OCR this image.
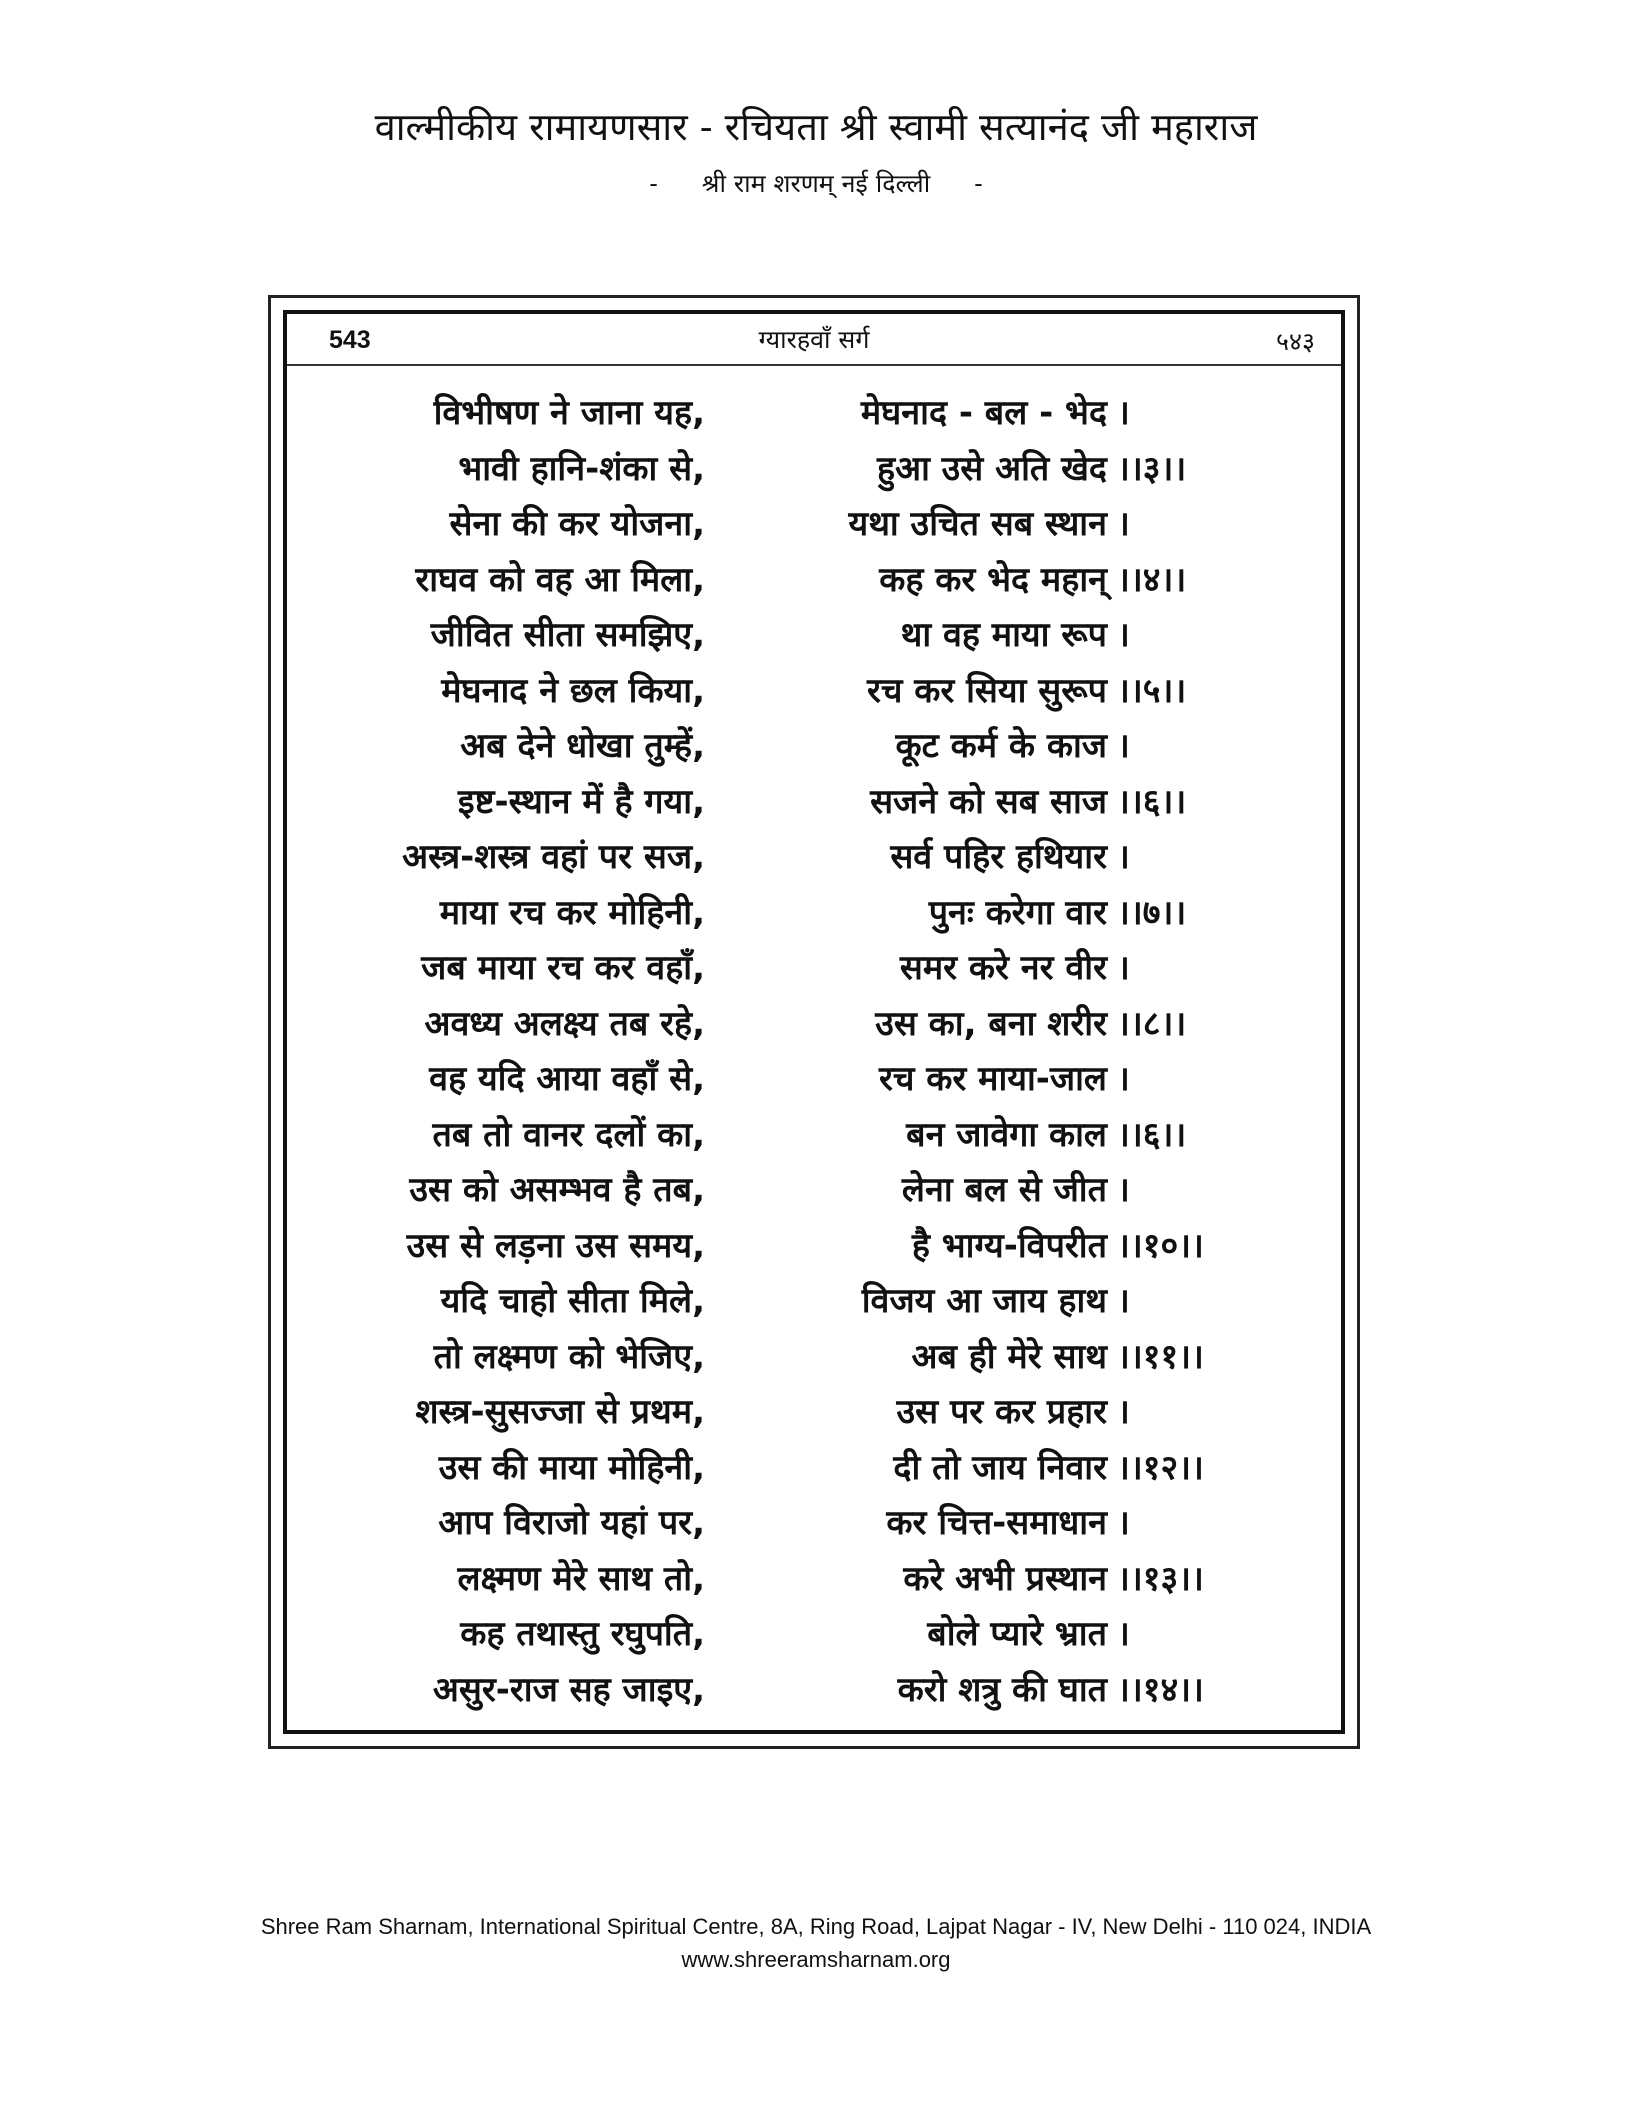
वाल्मीकीय रामायणसार - रचियता श्री स्वामी सत्यानंद जी महाराज
- श्री राम शरणम् नई दिल्ली -
543	ग्यारहवाँ सर्ग	५४३
विभीषण ने जाना यह,	मेघनाद - बल - भेद ।
भावी हानि-शंका से,	हुआ उसे अति खेद ।।३।।
सेना की कर योजना,	यथा उचित सब स्थान ।
राघव को वह आ मिला,	कह कर भेद महान् ।।४।।
जीवित सीता समझिए,	था वह माया रूप ।
मेघनाद ने छल किया,	रच कर सिया सुरूप ।।५।।
अब देने धोखा तुम्हें,	कूट कर्म के काज ।
इष्ट-स्थान में है गया,	सजने को सब साज ।।६।।
अस्त्र-शस्त्र वहां पर सज,	सर्व पहिर हथियार ।
माया रच कर मोहिनी,	पुनः करेगा वार ।।७।।
जब माया रच कर वहाँ,	समर करे नर वीर ।
अवध्य अलक्ष्य तब रहे,	उस का, बना शरीर ।।८।।
वह यदि आया वहाँ से,	रच कर माया-जाल ।
तब तो वानर दलों का,	बन जावेगा काल ।।६।।
उस को असम्भव है तब,	लेना बल से जीत ।
उस से लड़ना उस समय,	है भाग्य-विपरीत ।।१०।।
यदि चाहो सीता मिले,	विजय आ जाय हाथ ।
तो लक्ष्मण को भेजिए,	अब ही मेरे साथ ।।११।।
शस्त्र-सुसज्जा से प्रथम,	उस पर कर प्रहार ।
उस की माया मोहिनी,	दी तो जाय निवार ।।१२।।
आप विराजो यहां पर,	कर चित्त-समाधान ।
लक्ष्मण मेरे साथ तो,	करे अभी प्रस्थान ।।१३।।
कह तथास्तु रघुपति,	बोले प्यारे भ्रात ।
असुर-राज सह जाइए,	करो शत्रु की घात ।।१४।।
Shree Ram Sharnam, International Spiritual Centre, 8A, Ring Road, Lajpat Nagar - IV, New Delhi - 110 024, INDIA
www.shreeramsharnam.org
